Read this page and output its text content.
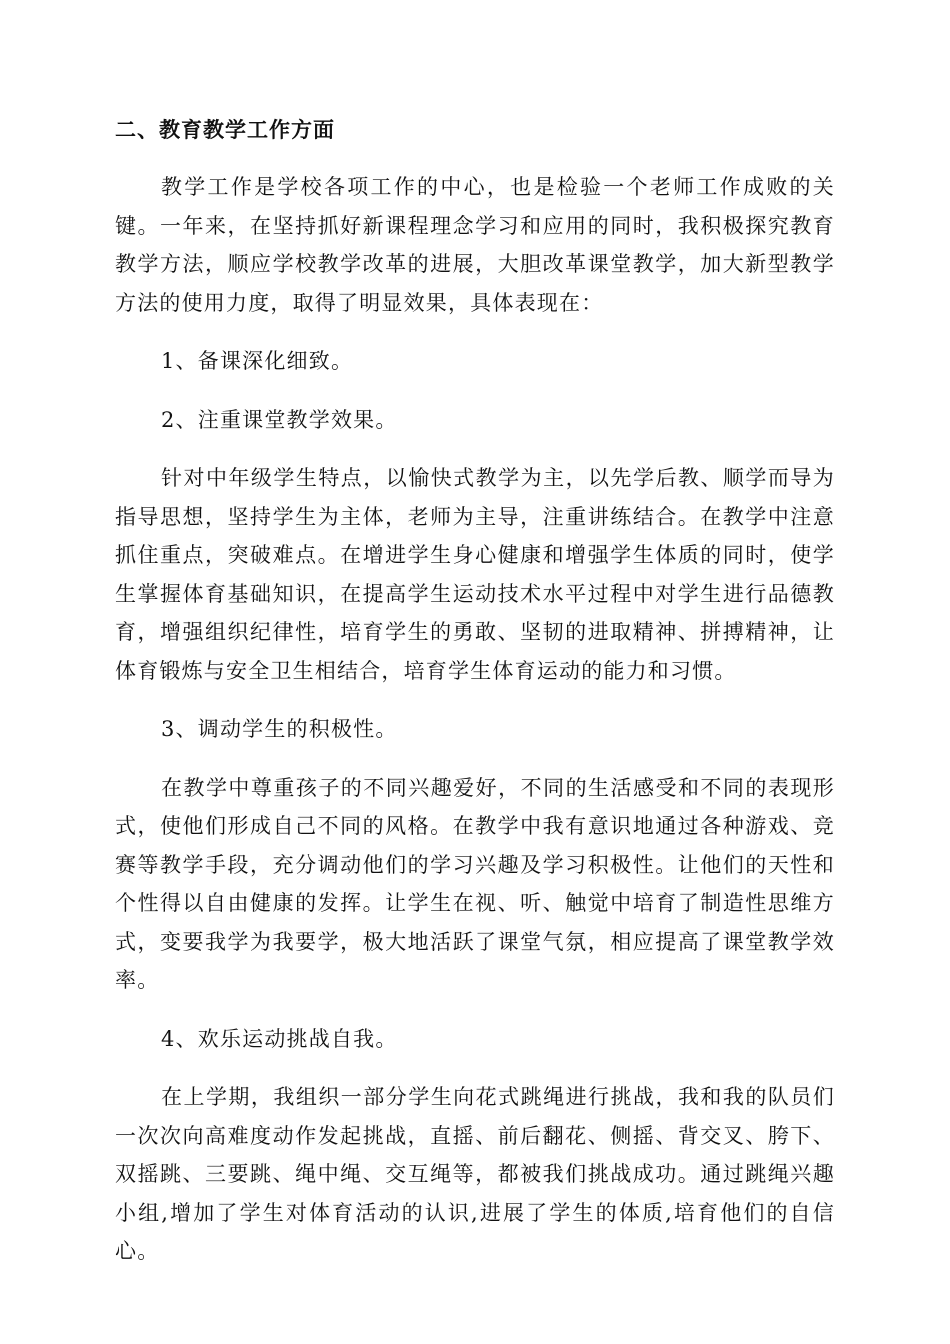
二、教育教学工作方面

教学工作是学校各项工作的中心，也是检验一个老师工作成败的关键。一年来，在坚持抓好新课程理念学习和应用的同时，我积极探究教育教学方法，顺应学校教学改革的进展，大胆改革课堂教学，加大新型教学方法的使用力度，取得了明显效果，具体表现在：

1、备课深化细致。

2、注重课堂教学效果。

针对中年级学生特点，以愉快式教学为主，以先学后教、顺学而导为指导思想，坚持学生为主体，老师为主导，注重讲练结合。在教学中注意抓住重点，突破难点。在增进学生身心健康和增强学生体质的同时，使学生掌握体育基础知识，在提高学生运动技术水平过程中对学生进行品德教育，增强组织纪律性，培育学生的勇敢、坚韧的进取精神、拼搏精神，让体育锻炼与安全卫生相结合，培育学生体育运动的能力和习惯。

3、调动学生的积极性。

在教学中尊重孩子的不同兴趣爱好，不同的生活感受和不同的表现形式，使他们形成自己不同的风格。在教学中我有意识地通过各种游戏、竞赛等教学手段，充分调动他们的学习兴趣及学习积极性。让他们的天性和个性得以自由健康的发挥。让学生在视、听、触觉中培育了制造性思维方式，变要我学为我要学，极大地活跃了课堂气氛，相应提高了课堂教学效率。

4、欢乐运动挑战自我。

在上学期，我组织一部分学生向花式跳绳进行挑战，我和我的队员们一次次向高难度动作发起挑战，直摇、前后翻花、侧摇、背交叉、胯下、双摇跳、三要跳、绳中绳、交互绳等，都被我们挑战成功。通过跳绳兴趣小组,增加了学生对体育活动的认识,进展了学生的体质,培育他们的自信心。
